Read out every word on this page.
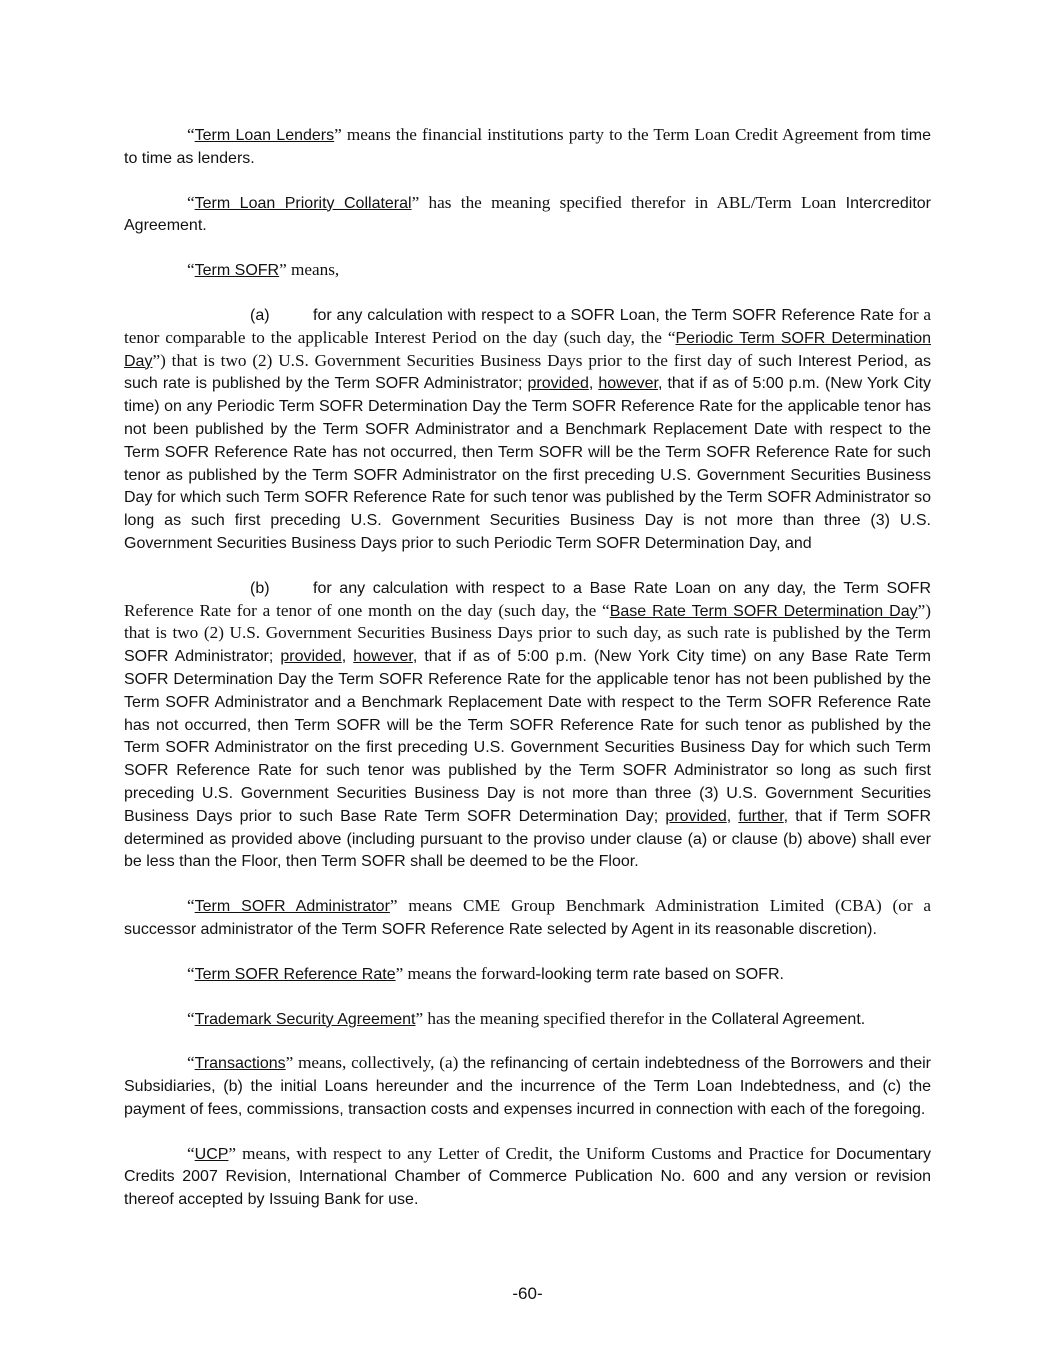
“Term Loan Lenders” means the financial institutions party to the Term Loan Credit Agreement from time to time as lenders.

“Term Loan Priority Collateral” has the meaning specified therefor in ABL/Term Loan Intercreditor Agreement.

“Term SOFR” means,

(a)	for any calculation with respect to a SOFR Loan, the Term SOFR Reference Rate for a tenor comparable to the applicable Interest Period on the day (such day, the “Periodic Term SOFR Determination Day”) that is two (2) U.S. Government Securities Business Days prior to the first day of such Interest Period, as such rate is published by the Term SOFR Administrator; provided, however, that if as of 5:00 p.m. (New York City time) on any Periodic Term SOFR Determination Day the Term SOFR Reference Rate for the applicable tenor has not been published by the Term SOFR Administrator and a Benchmark Replacement Date with respect to the Term SOFR Reference Rate has not occurred, then Term SOFR will be the Term SOFR Reference Rate for such tenor as published by the Term SOFR Administrator on the first preceding U.S. Government Securities Business Day for which such Term SOFR Reference Rate for such tenor was published by the Term SOFR Administrator so long as such first preceding U.S. Government Securities Business Day is not more than three (3) U.S. Government Securities Business Days prior to such Periodic Term SOFR Determination Day, and

(b)	for any calculation with respect to a Base Rate Loan on any day, the Term SOFR Reference Rate for a tenor of one month on the day (such day, the “Base Rate Term SOFR Determination Day”) that is two (2) U.S. Government Securities Business Days prior to such day, as such rate is published by the Term SOFR Administrator; provided, however, that if as of 5:00 p.m. (New York City time) on any Base Rate Term SOFR Determination Day the Term SOFR Reference Rate for the applicable tenor has not been published by the Term SOFR Administrator and a Benchmark Replacement Date with respect to the Term SOFR Reference Rate has not occurred, then Term SOFR will be the Term SOFR Reference Rate for such tenor as published by the Term SOFR Administrator on the first preceding U.S. Government Securities Business Day for which such Term SOFR Reference Rate for such tenor was published by the Term SOFR Administrator so long as such first preceding U.S. Government Securities Business Day is not more than three (3) U.S. Government Securities Business Days prior to such Base Rate Term SOFR Determination Day; provided, further, that if Term SOFR determined as provided above (including pursuant to the proviso under clause (a) or clause (b) above) shall ever be less than the Floor, then Term SOFR shall be deemed to be the Floor.

“Term SOFR Administrator” means CME Group Benchmark Administration Limited (CBA) (or a successor administrator of the Term SOFR Reference Rate selected by Agent in its reasonable discretion).

“Term SOFR Reference Rate” means the forward-looking term rate based on SOFR.

“Trademark Security Agreement” has the meaning specified therefor in the Collateral Agreement.

“Transactions” means, collectively, (a) the refinancing of certain indebtedness of the Borrowers and their Subsidiaries, (b) the initial Loans hereunder and the incurrence of the Term Loan Indebtedness, and (c) the payment of fees, commissions, transaction costs and expenses incurred in connection with each of the foregoing.

“UCP” means, with respect to any Letter of Credit, the Uniform Customs and Practice for Documentary Credits 2007 Revision, International Chamber of Commerce Publication No. 600 and any version or revision thereof accepted by Issuing Bank for use.

-60-
